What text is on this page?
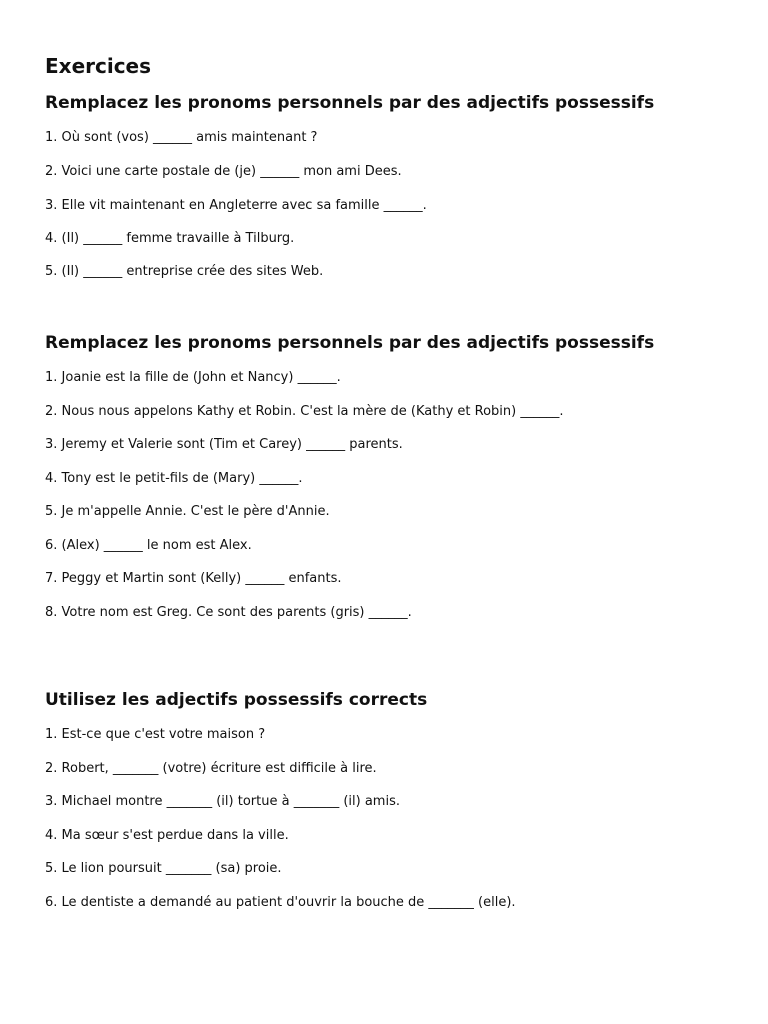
Exercices
Remplacez les pronoms personnels par des adjectifs possessifs
1. Où sont (vos) ______ amis maintenant ?
2. Voici une carte postale de (je) ______ mon ami Dees.
3. Elle vit maintenant en Angleterre avec sa famille ______.
4. (Il) ______ femme travaille à Tilburg.
5. (Il) ______ entreprise crée des sites Web.
Remplacez les pronoms personnels par des adjectifs possessifs
1. Joanie est la fille de (John et Nancy) ______.
2. Nous nous appelons Kathy et Robin. C'est la mère de (Kathy et Robin) ______.
3. Jeremy et Valerie sont (Tim et Carey) ______ parents.
4. Tony est le petit-fils de (Mary) ______.
5. Je m'appelle Annie. C'est le père d'Annie.
6. (Alex) ______ le nom est Alex.
7. Peggy et Martin sont (Kelly) ______ enfants.
8. Votre nom est Greg. Ce sont des parents (gris) ______.
Utilisez les adjectifs possessifs corrects
1. Est-ce que c'est votre maison ?
2. Robert, _______ (votre) écriture est difficile à lire.
3. Michael montre _______ (il) tortue à _______ (il) amis.
4. Ma sœur s'est perdue dans la ville.
5. Le lion poursuit _______ (sa) proie.
6. Le dentiste a demandé au patient d'ouvrir la bouche de _______ (elle).
